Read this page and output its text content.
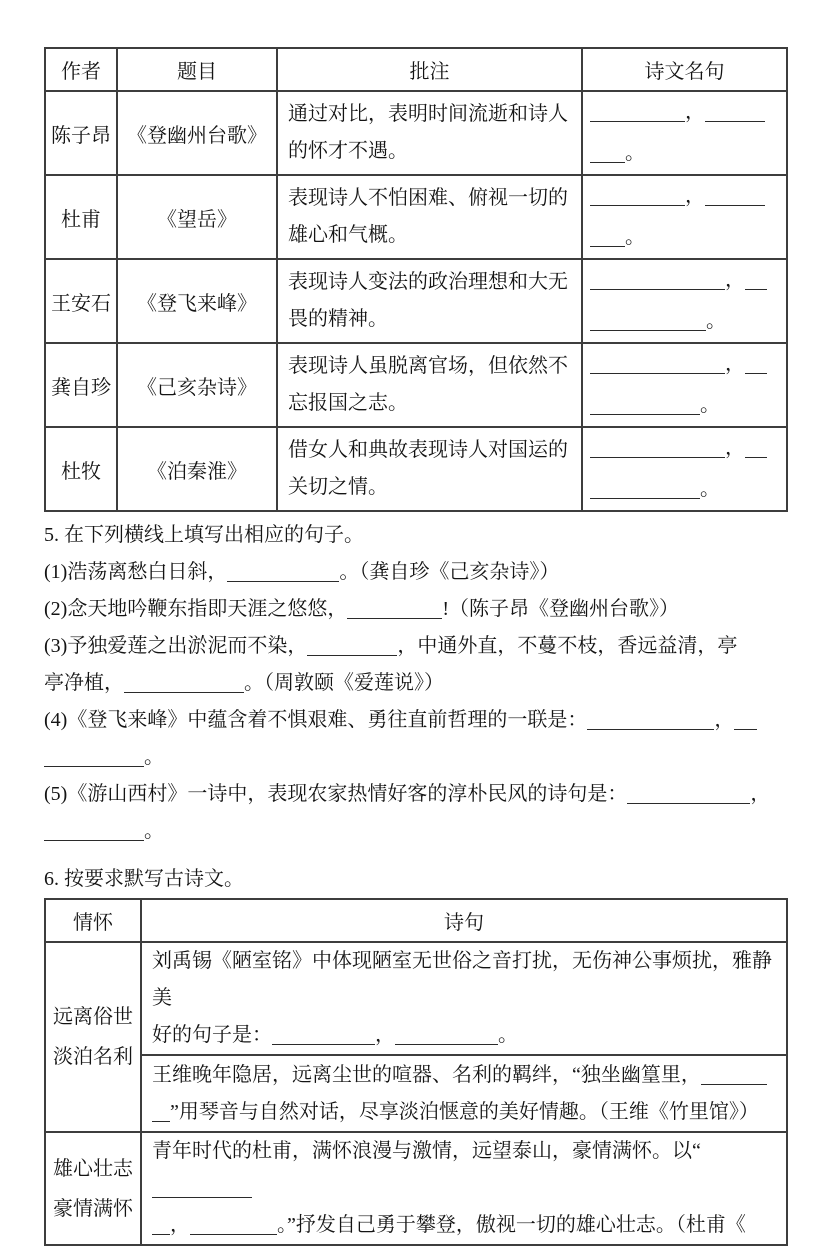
作者	题目	批注	诗文名句
陈子昂	《登幽州台歌》	通过对比，表明时间流逝和诗人的怀才不遇。	，
。
杜甫	《望岳》	表现诗人不怕困难、俯视一切的雄心和气概。	，
。
王安石	《登飞来峰》	表现诗人变法的政治理想和大无畏的精神。	，
。
龚自珍	《己亥杂诗》	表现诗人虽脱离官场，但依然不忘报国之志。	，
。
杜牧	《泊秦淮》	借女人和典故表现诗人对国运的关切之情。	，
。
5. 在下列横线上填写出相应的句子。
(1)浩荡离愁白日斜，	。（龚自珍《己亥杂诗》）
(2)念天地吟鞭东指即天涯之悠悠，	!（陈子昂《登幽州台歌》）
(3)予独爱莲之出淤泥而不染，	，中通外直，不蔓不枝，香远益清，亭
亭净植，	。（周敦颐《爱莲说》）
(4)《登飞来峰》中蕴含着不惧艰难、勇往直前哲理的一联是：	，
。
(5)《游山西村》一诗中，表现农家热情好客的淳朴民风的诗句是：	，
。
6. 按要求默写古诗文。
情怀	诗句
远离俗世
淡泊名利	刘禹锡《陋室铭》中体现陋室无世俗之音打扰，无伤神公事烦扰，雅静美
好的句子是： ， 。
	王维晚年隐居，远离尘世的喧器、名利的羁绊，“独坐幽篁里，
”用琴音与自然对话，尽享淡泊惬意的美好情趣。（王维《竹里馆》）
雄心壮志
豪情满怀	青年时代的杜甫，满怀浪漫与激情，远望泰山，豪情满怀。以“
， 。”抒发自己勇于攀登，傲视一切的雄心壮志。（杜甫《
